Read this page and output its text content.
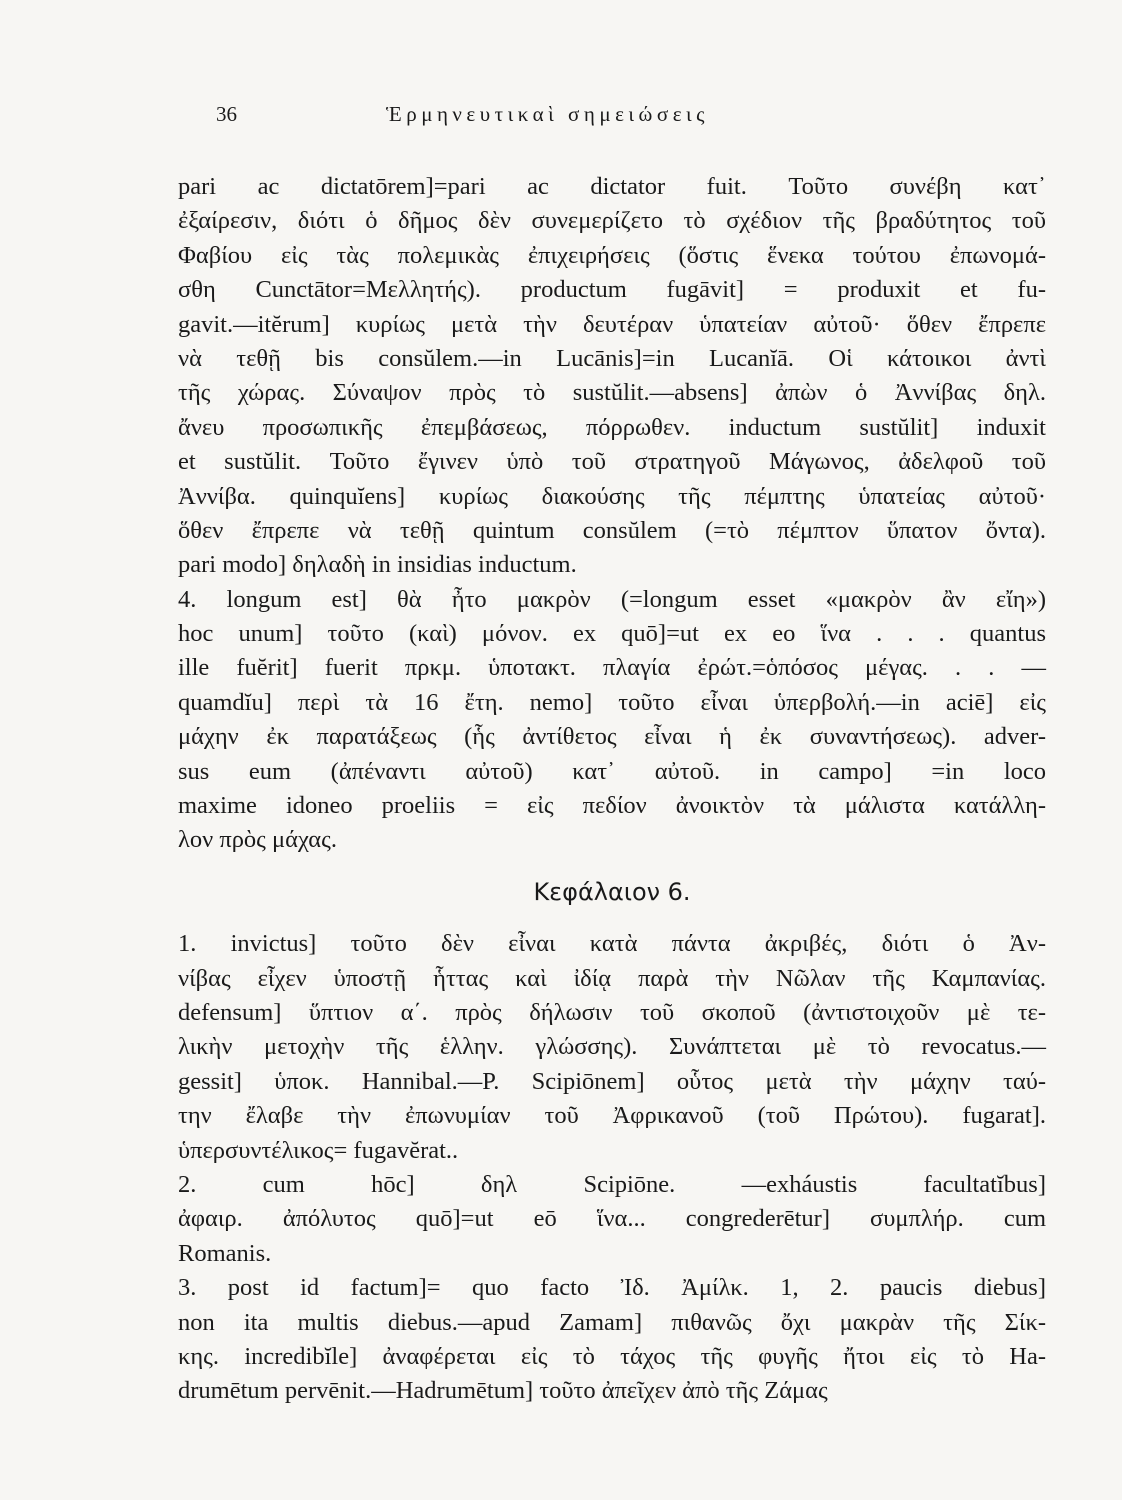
36	Ἑρμηνευτικαὶ σημειώσεις
pari ac dictatōrem]=pari ac dictator fuit. Τοῦτο συνέβη κατ᾿
ἐξαίρεσιν, διότι ὁ δῆμος δὲν συνεμερίζετο τὸ σχέδιον τῆς βραδύτητος τοῦ
Φαβίου εἰς τὰς πολεμικὰς ἐπιχειρήσεις (ὅστις ἕνεκα τούτου ἐπωνομά-
σθη Cunctātor=Μελλητής). productum fugāvit] = produxit et fu-
gavit.—itĕrum] κυρίως μετὰ τὴν δευτέραν ὑπατείαν αὐτοῦ· ὅθεν ἔπρεπε
νὰ τεθῇ bis consŭlem.—in Lucānis]=in Lucanĭā. Οἱ κάτοικοι ἀντὶ
τῆς χώρας. Σύναψον πρὸς τὸ sustŭlit.—absens] ἀπὼν ὁ Ἀννίβας δηλ.
ἄνευ προσωπικῆς ἐπεμβάσεως, πόρρωθεν. inductum sustŭlit] induxit
et sustŭlit. Τοῦτο ἔγινεν ὑπὸ τοῦ στρατηγοῦ Μάγωνος, ἀδελφοῦ τοῦ
Ἀννίβα. quinquĭens] κυρίως διακούσης τῆς πέμπτης ὑπατείας αὐτοῦ·
ὅθεν ἔπρεπε νὰ τεθῇ quintum consŭlem (=τὸ πέμπτον ὕπατον ὄντα).
pari modo] δηλαδὴ in insidias inductum.
4. longum est] θὰ ἦτο μακρὸν (=longum esset «μακρὸν ἂν εἴη»)
hoc unum] τοῦτο (καὶ) μόνον. ex quō]=ut ex eo ἵνα . . . quantus
ille fuĕrit] fuerit πρκμ. ὑποτακτ. πλαγία ἐρώτ.=ὁπόσος μέγας. . . —
quamdĭu] περὶ τὰ 16 ἔτη. nemo] τοῦτο εἶναι ὑπερβολή.—in aciē] εἰς
μάχην ἐκ παρατάξεως (ἧς ἀντίθετος εἶναι ἡ ἐκ συναντήσεως). adver-
sus eum (ἀπέναντι αὐτοῦ) κατ᾿ αὐτοῦ. in campo] =in loco
maxime idoneo proeliis = εἰς πεδίον ἀνοικτὸν τὰ μάλιστα κατάλλη-
λον πρὸς μάχας.
Κεφάλαιον 6.
1. invictus] τοῦτο δὲν εἶναι κατὰ πάντα ἀκριβές, διότι ὁ Ἀν-
νίβας εἶχεν ὑποστῇ ἧττας καὶ ἰδίᾳ παρὰ τὴν Νῶλαν τῆς Καμπανίας.
defensum] ὕπτιον α΄. πρὸς δήλωσιν τοῦ σκοποῦ (ἀντιστοιχοῦν μὲ τε-
λικὴν μετοχὴν τῆς ἑλλην. γλώσσης). Συνάπτεται μὲ τὸ revocatus.—
gessit] ὑποκ. Hannibal.—P. Scipiōnem] οὗτος μετὰ τὴν μάχην ταύ-
την ἔλαβε τὴν ἐπωνυμίαν τοῦ Ἀφρικανοῦ (τοῦ Πρώτου). fugarat].
ὑπερσυντέλικος= fugavĕrat..
2. cum hōc] δηλ Scipiōne. —exháustis facultatĭbus]
ἀφαιρ. ἀπόλυτος quō]=ut eō ἵνα... congrederētur] συμπλήρ. cum
Romanis.
3. post id factum]= quo facto Ἰδ. Ἀμίλκ. 1, 2. paucis diebus]
non ita multis diebus.—apud Zamam] πιθανῶς ὄχι μακρὰν τῆς Σίκ-
κης. incredibĭle] ἀναφέρεται εἰς τὸ τάχος τῆς φυγῆς ἤτοι εἰς τὸ Ha-
drumētum pervēnit.—Hadrumētum] τοῦτο ἀπεῖχεν ἀπὸ τῆς Ζάμας
